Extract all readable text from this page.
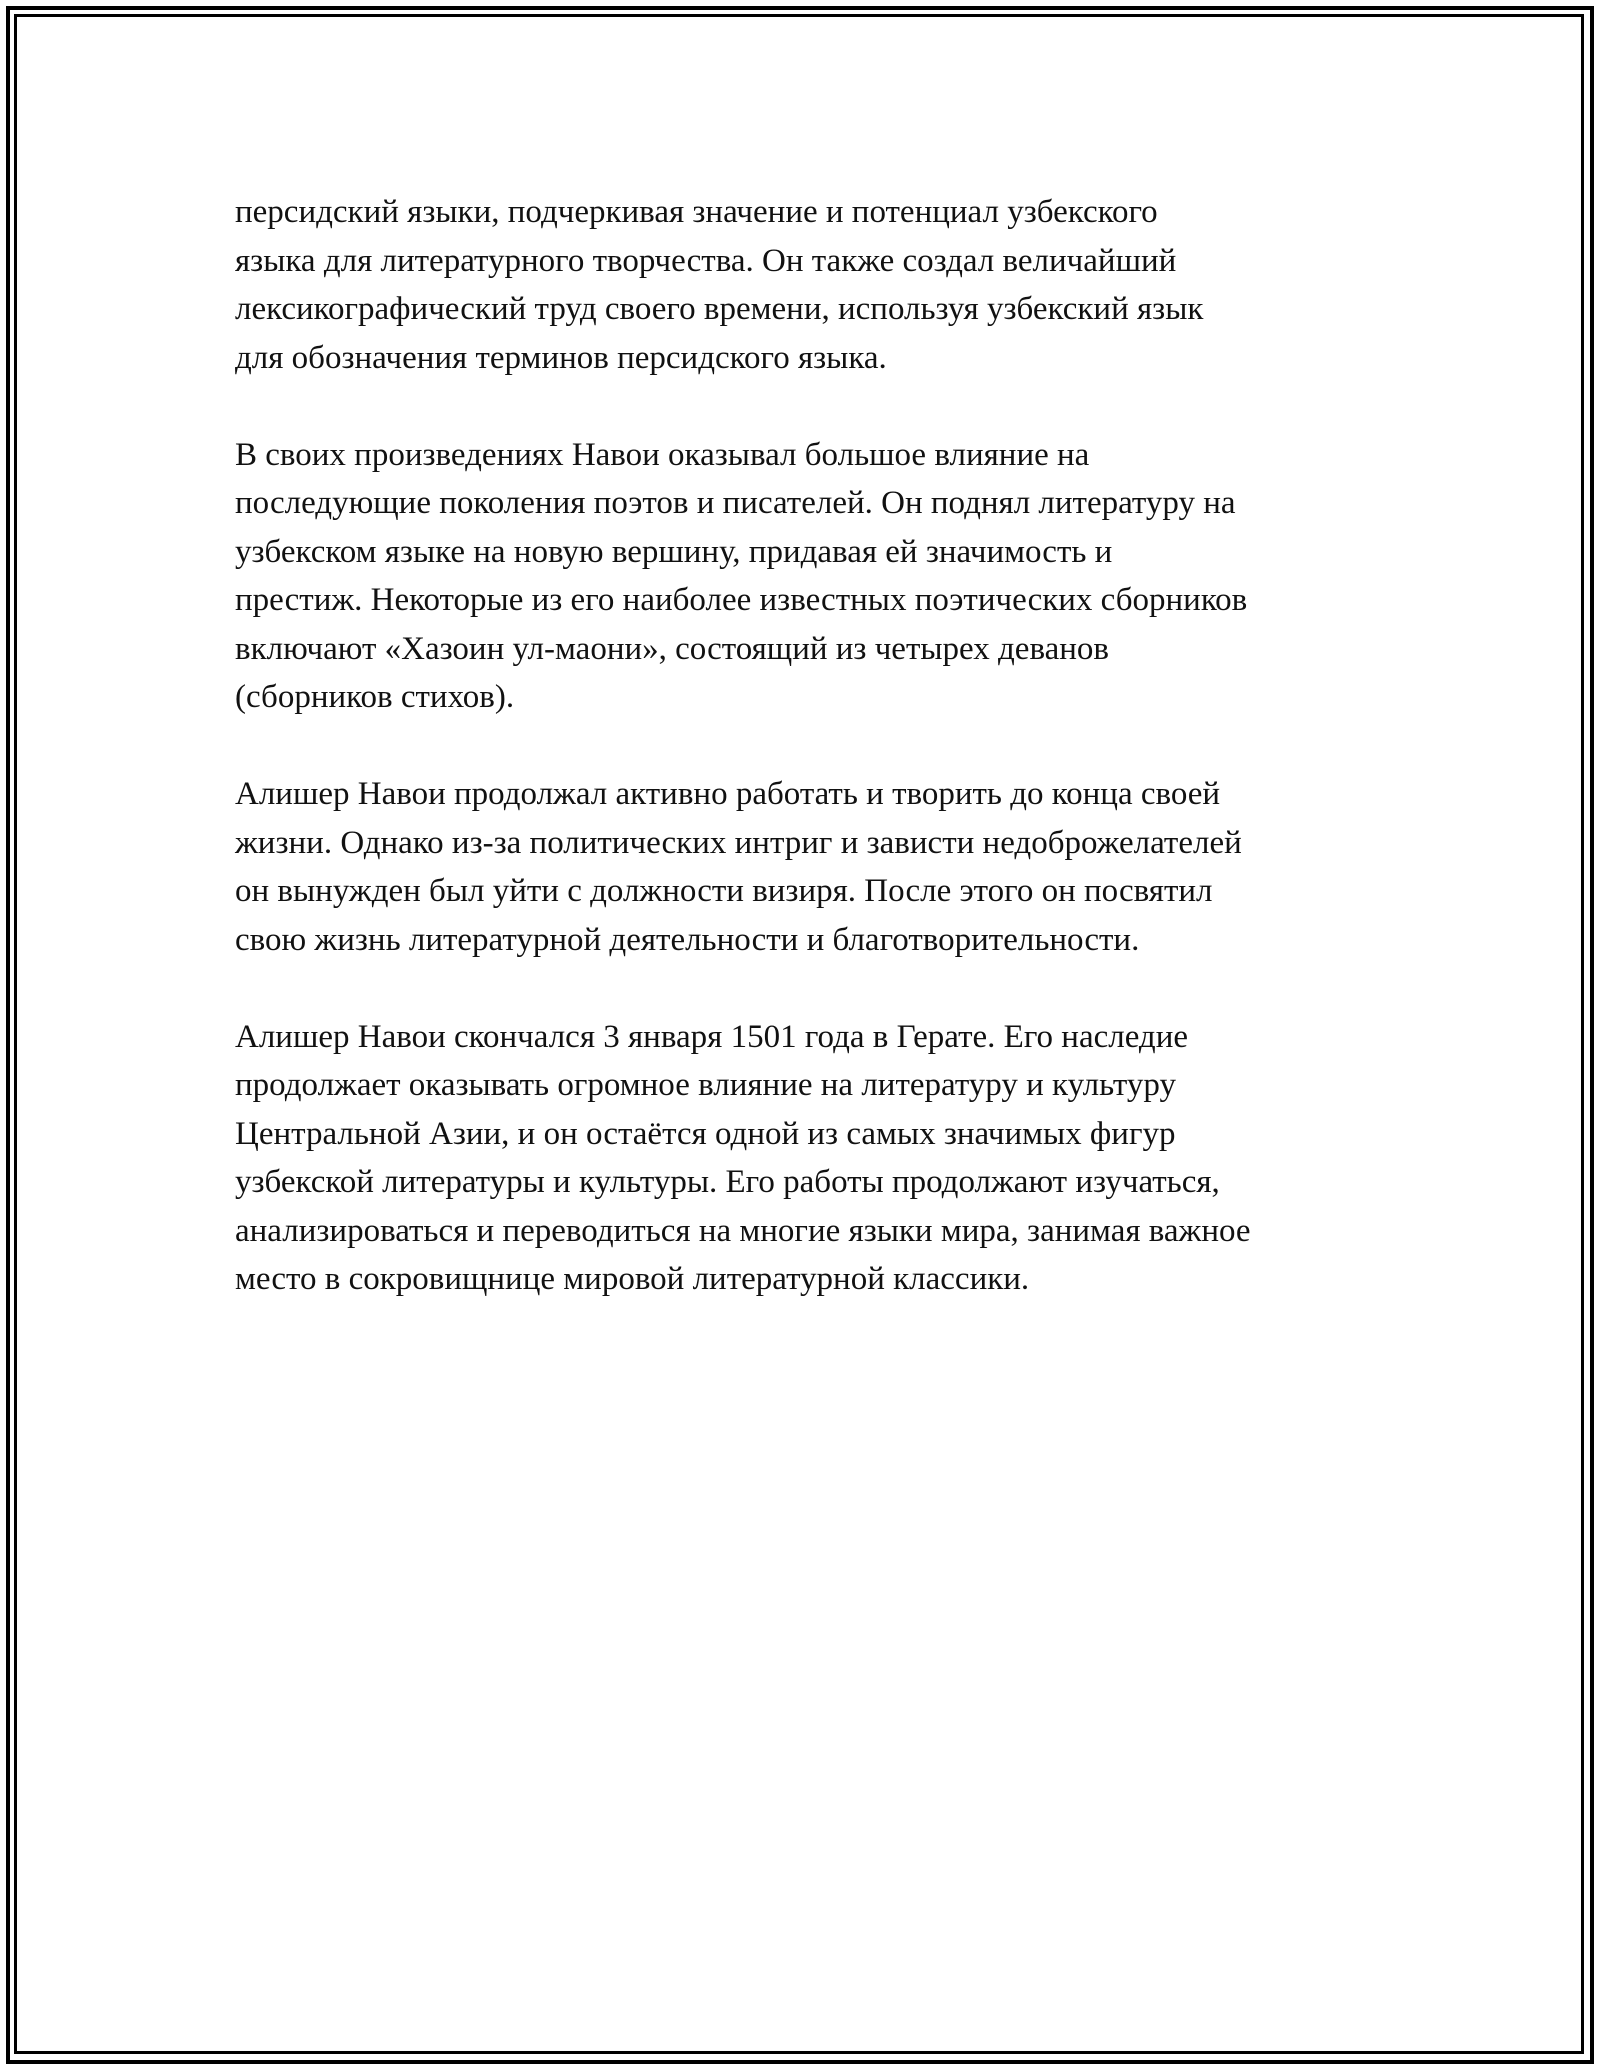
персидский языки, подчеркивая значение и потенциал узбекского
языка для литературного творчества. Он также создал величайший
лексикографический труд своего времени, используя узбекский язык
для обозначения терминов персидского языка.

В своих произведениях Навои оказывал большое влияние на
последующие поколения поэтов и писателей. Он поднял литературу на
узбекском языке на новую вершину, придавая ей значимость и
престиж. Некоторые из его наиболее известных поэтических сборников
включают «Хазоин ул-маони», состоящий из четырех деванов
(сборников стихов).

Алишер Навои продолжал активно работать и творить до конца своей
жизни. Однако из-за политических интриг и зависти недоброжелателей
он вынужден был уйти с должности визиря. После этого он посвятил
свою жизнь литературной деятельности и благотворительности.

Алишер Навои скончался 3 января 1501 года в Герате. Его наследие
продолжает оказывать огромное влияние на литературу и культуру
Центральной Азии, и он остаётся одной из самых значимых фигур
узбекской литературы и культуры. Его работы продолжают изучаться,
анализироваться и переводиться на многие языки мира, занимая важное
место в сокровищнице мировой литературной классики.
